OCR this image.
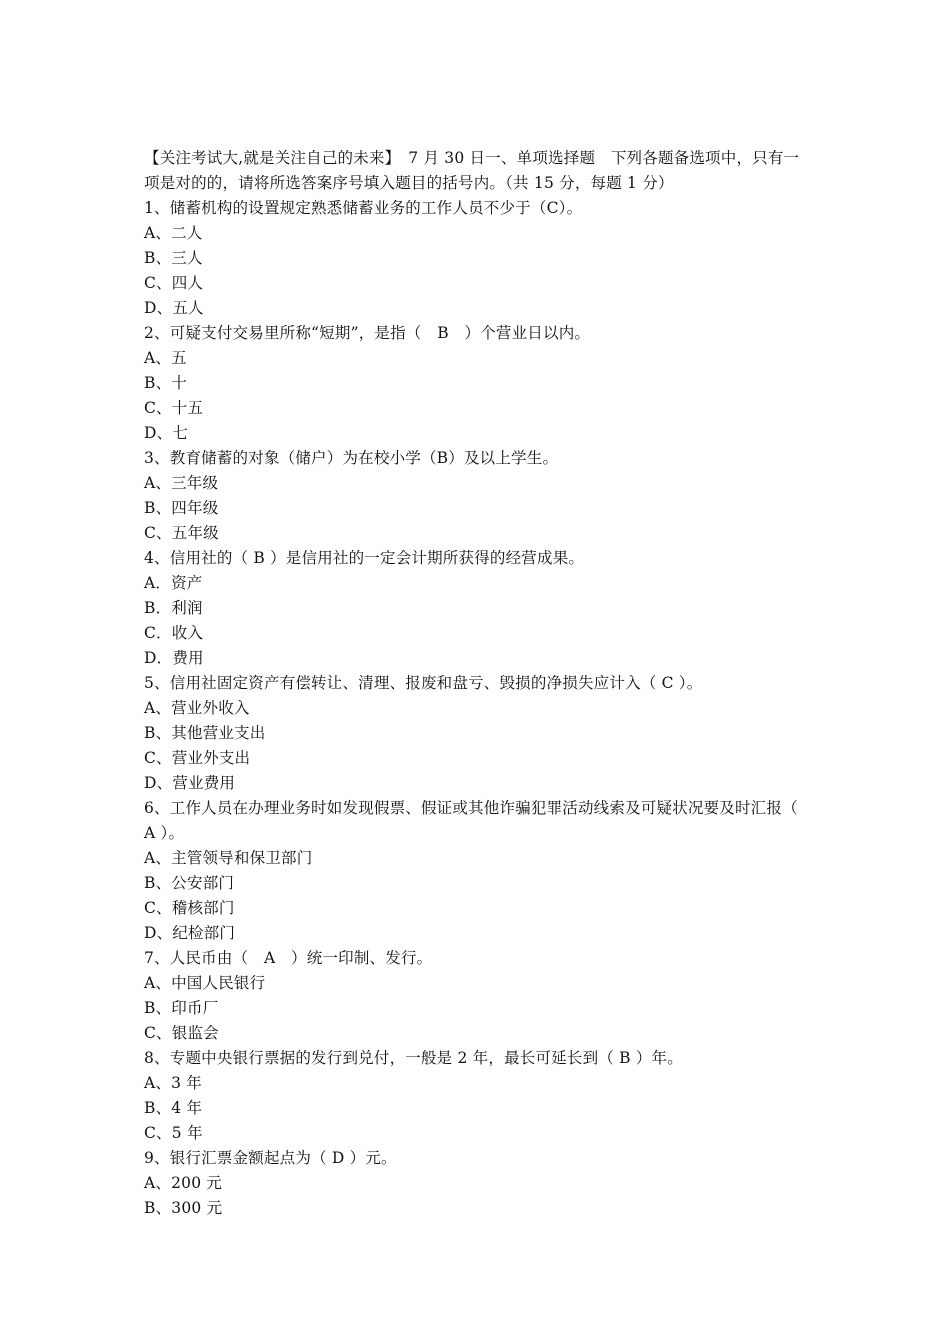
【关注考试大,就是关注自己的未来】　7 月 30 日一、单项选择题　下列各题备选项中，只有一项是对的的，请将所选答案序号填入题目的括号内。（共 15 分，每题 1 分）

1、储蓄机构的设置规定熟悉储蓄业务的工作人员不少于（C）。

A、二人

B、三人

C、四人

D、五人

2、可疑支付交易里所称“短期”，是指（　B　）个营业日以内。

A、五

B、十

C、十五

D、七

3、教育储蓄的对象（储户）为在校小学（B）及以上学生。

A、三年级

B、四年级

C、五年级

4、信用社的（ B ）是信用社的一定会计期所获得的经营成果。

A．资产

B．利润

C．收入

D．费用

5、信用社固定资产有偿转让、清理、报废和盘亏、毁损的净损失应计入（ C ）。

A、营业外收入

B、其他营业支出

C、营业外支出

D、营业费用

6、工作人员在办理业务时如发现假票、假证或其他诈骗犯罪活动线索及可疑状况要及时汇报（ A ）。

A、主管领导和保卫部门

B、公安部门

C、稽核部门

D、纪检部门

7、人民币由（　A　）统一印制、发行。

A、中国人民银行

B、印币厂

C、银监会

8、专题中央银行票据的发行到兑付，一般是 2 年，最长可延长到（ B ）年。

A、3 年

B、4 年

C、5 年

9、银行汇票金额起点为（ D ）元。

A、200 元

B、300 元
